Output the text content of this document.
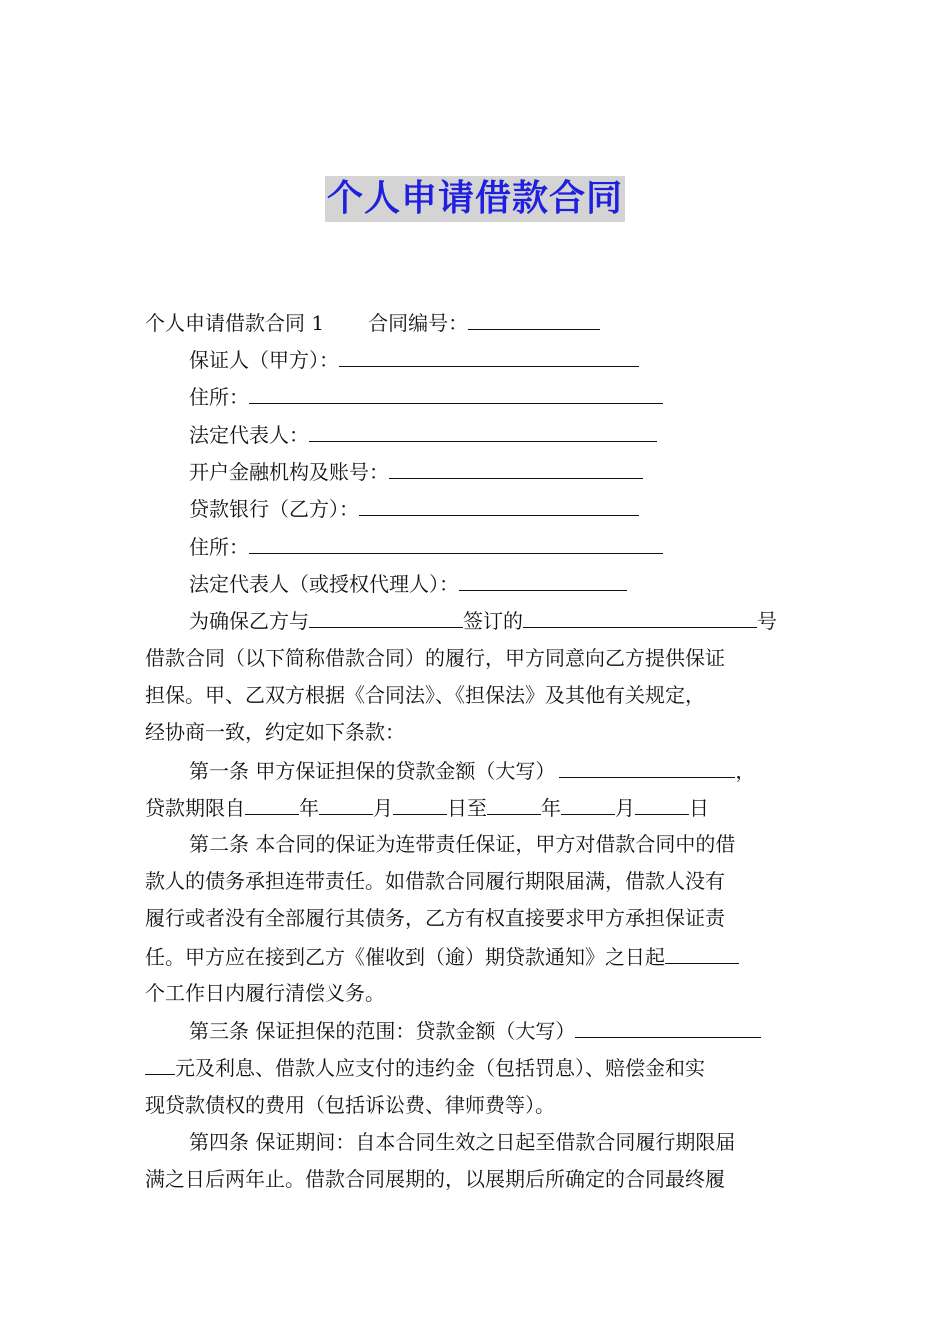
个人申请借款合同
个人申请借款合同 1 合同编号：
保证人（甲方）：
住所：
法定代表人：
开户金融机构及账号：
贷款银行（乙方）：
住所：
法定代表人（或授权代理人）：
为确保乙方与	签订的	号
借款合同（以下简称借款合同）的履行，甲方同意向乙方提供保证
担保。甲、乙双方根据《合同法》、《担保法》及其他有关规定，
经协商一致，约定如下条款：
第一条 甲方保证担保的贷款金额（大写）	，
贷款期限自	年	月	日至	年	月	日
第二条 本合同的保证为连带责任保证，甲方对借款合同中的借
款人的债务承担连带责任。如借款合同履行期限届满，借款人没有
履行或者没有全部履行其债务，乙方有权直接要求甲方承担保证责
任。甲方应在接到乙方《催收到（逾）期贷款通知》之日起
个工作日内履行清偿义务。
第三条 保证担保的范围：贷款金额（大写）
元及利息、借款人应支付的违约金（包括罚息）、赔偿金和实
现贷款债权的费用（包括诉讼费、律师费等）。
第四条 保证期间：自本合同生效之日起至借款合同履行期限届
满之日后两年止。借款合同展期的，以展期后所确定的合同最终履
